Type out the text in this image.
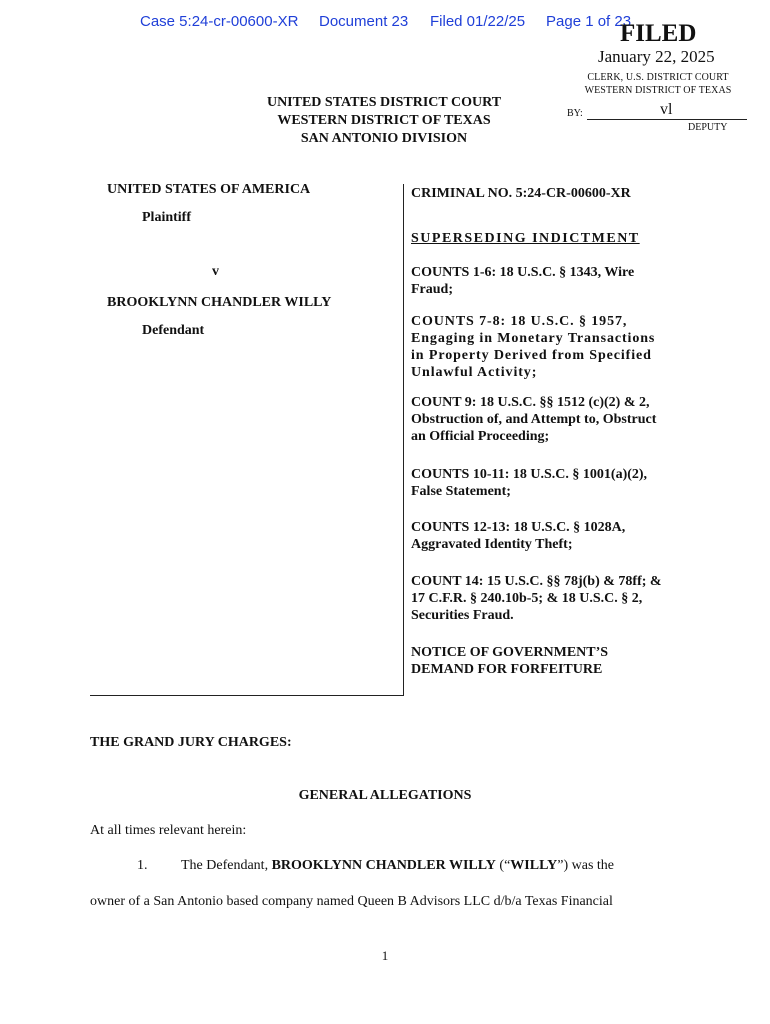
Case 5:24-cr-00600-XR Document 23 Filed 01/22/25 Page 1 of 23
FILED
January 22, 2025
CLERK, U.S. DISTRICT COURT
WESTERN DISTRICT OF TEXAS
BY:	vl
DEPUTY
UNITED STATES DISTRICT COURT
WESTERN DISTRICT OF TEXAS
SAN ANTONIO DIVISION
UNITED STATES OF AMERICA
Plaintiff
v
BROOKLYNN CHANDLER WILLY
Defendant
CRIMINAL NO. 5:24-CR-00600-XR
SUPERSEDING INDICTMENT
COUNTS 1-6: 18 U.S.C. § 1343, Wire
Fraud;
COUNTS 7-8: 18 U.S.C. § 1957,
Engaging in Monetary Transactions
in Property Derived from Specified
Unlawful Activity;
COUNT 9: 18 U.S.C. §§ 1512 (c)(2) & 2,
Obstruction of, and Attempt to, Obstruct
an Official Proceeding;
COUNTS 10-11: 18 U.S.C. § 1001(a)(2),
False Statement;
COUNTS 12-13: 18 U.S.C. § 1028A,
Aggravated Identity Theft;
COUNT 14: 15 U.S.C. §§ 78j(b) & 78ff; &
17 C.F.R. § 240.10b-5; & 18 U.S.C. § 2,
Securities Fraud.
NOTICE OF GOVERNMENT’S
DEMAND FOR FORFEITURE
THE GRAND JURY CHARGES:
GENERAL ALLEGATIONS
At all times relevant herein:
1. The Defendant, BROOKLYNN CHANDLER WILLY (“WILLY”) was the
owner of a San Antonio based company named Queen B Advisors LLC d/b/a Texas Financial
1
